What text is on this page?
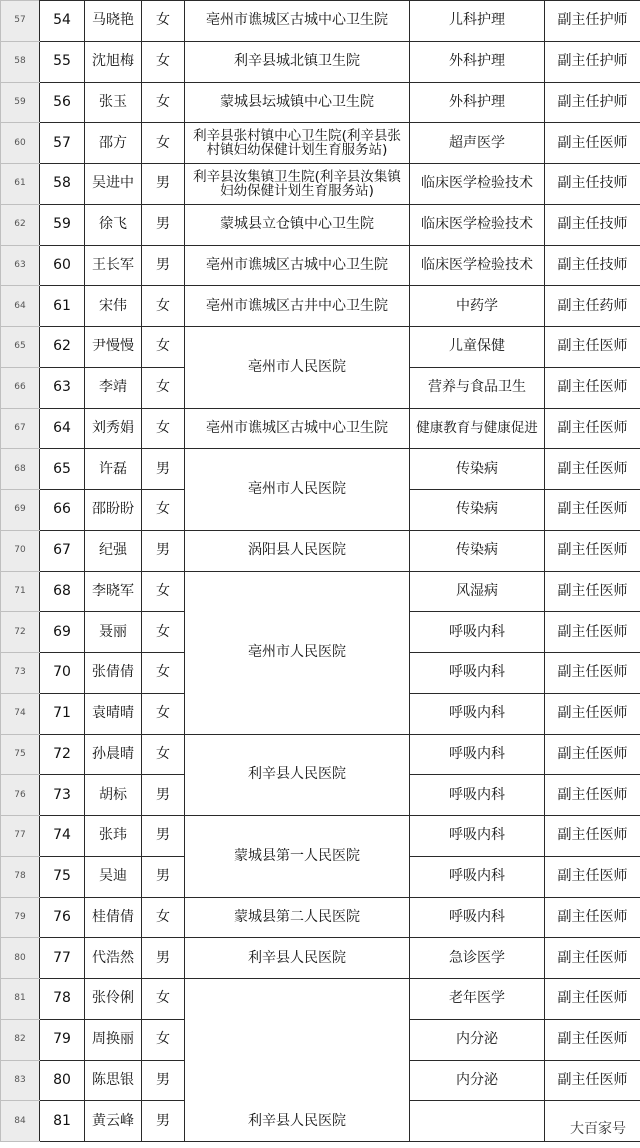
57	54	马晓艳	女	亳州市谯城区古城中心卫生院	儿科护理	副主任护师
58	55	沈旭梅	女	利辛县城北镇卫生院	外科护理	副主任护师
59	56	张玉	女	蒙城县坛城镇中心卫生院	外科护理	副主任护师
60	57	邵方	女	利辛县张村镇中心卫生院(利辛县张村镇妇幼保健计划生育服务站)	超声医学	副主任医师
61	58	吴进中	男	利辛县汝集镇卫生院(利辛县汝集镇妇幼保健计划生育服务站)	临床医学检验技术	副主任技师
62	59	徐飞	男	蒙城县立仓镇中心卫生院	临床医学检验技术	副主任技师
63	60	王长军	男	亳州市谯城区古城中心卫生院	临床医学检验技术	副主任技师
64	61	宋伟	女	亳州市谯城区古井中心卫生院	中药学	副主任药师
65	62	尹慢慢	女	亳州市人民医院	儿童保健	副主任医师
66	63	李靖	女		营养与食品卫生	副主任医师
67	64	刘秀娟	女	亳州市谯城区古城中心卫生院	健康教育与健康促进	副主任医师
68	65	许磊	男	亳州市人民医院	传染病	副主任医师
69	66	邵盼盼	女		传染病	副主任医师
70	67	纪强	男	涡阳县人民医院	传染病	副主任医师
71	68	李晓军	女	亳州市人民医院	风湿病	副主任医师
72	69	聂丽	女		呼吸内科	副主任医师
73	70	张倩倩	女		呼吸内科	副主任医师
74	71	袁晴晴	女		呼吸内科	副主任医师
75	72	孙晨晴	女	利辛县人民医院	呼吸内科	副主任医师
76	73	胡标	男		呼吸内科	副主任医师
77	74	张玮	男	蒙城县第一人民医院	呼吸内科	副主任医师
78	75	吴迪	男		呼吸内科	副主任医师
79	76	桂倩倩	女	蒙城县第二人民医院	呼吸内科	副主任医师
80	77	代浩然	男	利辛县人民医院	急诊医学	副主任医师
81	78	张伶俐	女	利辛县人民医院	老年医学	副主任医师
82	79	周换丽	女		内分泌	副主任医师
83	80	陈思银	男		内分泌	副主任医师
84	81	黄云峰	男			
大百家号
